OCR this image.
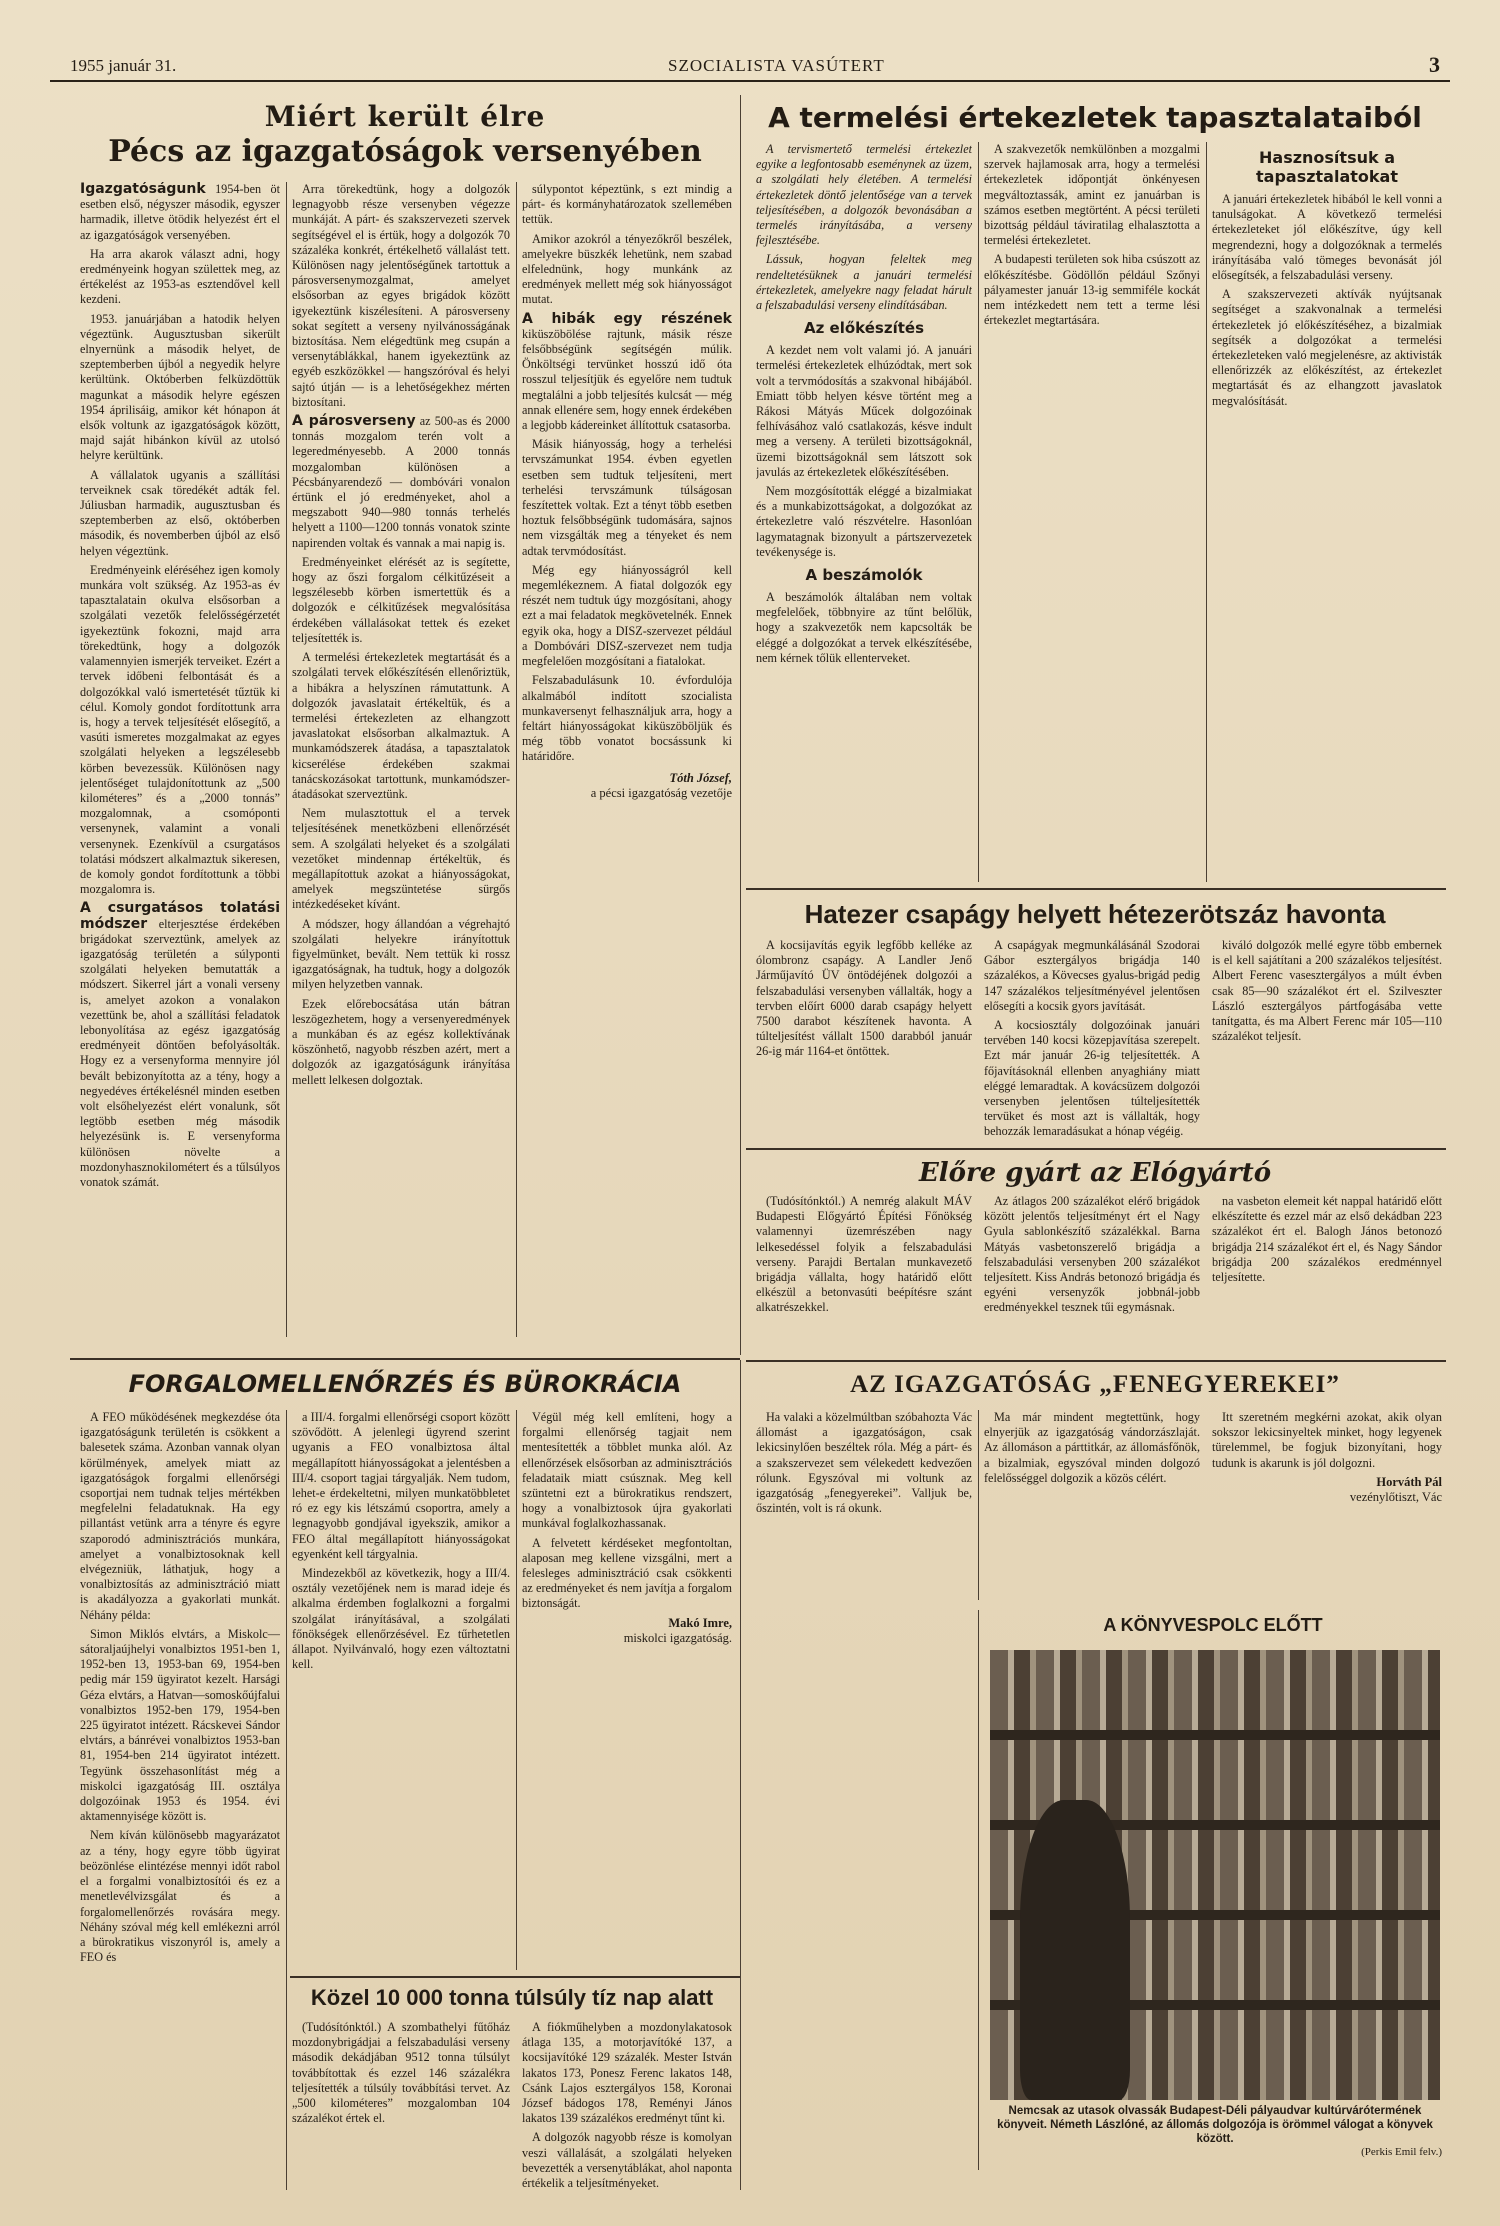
1955 január 31.	SZOCIALISTA VASÚTERT	3
Miért került élre
Pécs az igazgatóságok versenyében

Igazgatóságunk 1954-ben öt esetben első, négyszer második, egyszer harmadik, illetve ötödik helyezést ért el az igazgatóságok versenyében.

Ha arra akarok választ adni, hogy eredményeink hogyan születtek meg, az értékelést az 1953-as esztendővel kell kezdeni.

1953. januárjában a hatodik helyen végeztünk. Augusztusban sikerült elnyernünk a második helyet, de szeptemberben újból a negyedik helyre kerültünk. Októberben felküzdöttük magunkat a második helyre egészen 1954 áprilisáig, amikor két hónapon át elsők voltunk az igazgatóságok között, majd saját hibánkon kívül az utolsó helyre kerültünk.

A vállalatok ugyanis a szállítási terveiknek csak töredékét adták fel. Júliusban harmadik, augusztusban és szeptemberben az első, októberben második, és novemberben újból az első helyen végeztünk.

Eredményeink eléréséhez igen komoly munkára volt szükség. Az 1953-as év tapasztalatain okulva elsősorban a szolgálati vezetők felelősségérzetét igyekeztünk fokozni, majd arra törekedtünk, hogy a dolgozók valamennyien ismerjék terveiket. Ezért a tervek időbeni felbontását és a dolgozókkal való ismertetését tűztük ki célul. Komoly gondot fordítottunk arra is, hogy a tervek teljesítését elősegítő, a vasúti ismeretes mozgalmakat az egyes szolgálati helyeken a legszélesebb körben bevezessük. Különösen nagy jelentőséget tulajdonítottunk az „500 kilométeres” és a „2000 tonnás” mozgalomnak, a csomóponti versenynek, valamint a vonali versenynek. Ezenkívül a csurgatásos tolatási módszert alkalmaztuk sikeresen, de komoly gondot fordítottunk a többi mozgalomra is.

A csurgatásos tolatási módszer elterjesztése érdekében brigádokat szerveztünk, amelyek az igazgatóság területén a súlyponti szolgálati helyeken bemutatták a módszert. Sikerrel járt a vonali verseny is, amelyet azokon a vonalakon vezettünk be, ahol a szállítási feladatok lebonyolítása az egész igazgatóság eredményeit döntően befolyásolták. Hogy ez a versenyforma mennyire jól bevált bebizonyította az a tény, hogy a negyedéves értékelésnél minden esetben volt elsőhelyezést elért vonalunk, sőt legtöbb esetben még második helyezésünk is. E versenyforma különösen növelte a mozdonyhasznokilométert és a tűlsúlyos vonatok számát.

Arra törekedtünk, hogy a dolgozók legnagyobb része versenyben végezze munkáját. A párt- és szakszervezeti szervek segítségével el is értük, hogy a dolgozók 70 százaléka konkrét, értékelhető vállalást tett. Különösen nagy jelentőségűnek tartottuk a párosversenymozgalmat, amelyet elsősorban az egyes brigádok között igyekeztünk kiszélesíteni. A párosverseny sokat segített a verseny nyilvánosságának biztosítása. Nem elégedtünk meg csupán a versenytáblákkal, hanem igyekeztünk az egyéb eszközökkel — hangszóróval és helyi sajtó útján — is a lehetőségekhez mérten biztosítani.

A párosverseny az 500-as és 2000 tonnás mozgalom terén volt a legeredményesebb. A 2000 tonnás mozgalomban különösen a Pécsbányarendező — dombóvári vonalon értünk el jó eredményeket, ahol a megszabott 940—980 tonnás terhelés helyett a 1100—1200 tonnás vonatok szinte napirenden voltak és vannak a mai napig is.

Eredményeinket elérését az is segítette, hogy az őszi forgalom célkitűzéseit a legszélesebb körben ismertettük és a dolgozók e célkitűzések megvalósítása érdekében vállalásokat tettek és ezeket teljesítették is.

A termelési értekezletek megtartását és a szolgálati tervek előkészítésén ellenőriztük, a hibákra a helyszínen rámutattunk. A dolgozók javaslatait értékeltük, és a termelési értekezleten az elhangzott javaslatokat elsősorban alkalmaztuk. A munkamódszerek átadása, a tapasztalatok kicserélése érdekében szakmai tanácskozásokat tartottunk, munkamódszer-átadásokat szerveztünk.

Nem mulasztottuk el a tervek teljesítésének menetközbeni ellenőrzését sem. A szolgálati helyeket és a szolgálati vezetőket mindennap értékeltük, és megállapítottuk azokat a hiányosságokat, amelyek megszüntetése sürgős intézkedéseket kívánt.

A módszer, hogy állandóan a végrehajtó szolgálati helyekre irányítottuk figyelmünket, bevált. Nem tettük ki rossz igazgatóságnak, ha tudtuk, hogy a dolgozók milyen helyzetben vannak.

Ezek előrebocsátása után bátran leszögezhetem, hogy a versenyeredmények a munkában és az egész kollektívának köszönhető, nagyobb részben azért, mert a dolgozók az igazgatóságunk irányítása mellett lelkesen dolgoztak.

súlypontot képeztünk, s ezt mindig a párt- és kormányhatározatok szellemében tettük.

Amikor azokról a tényezőkről beszélek, amelyekre büszkék lehetünk, nem szabad elfelednünk, hogy munkánk az eredmények mellett még sok hiányosságot mutat.

A hibák egy részének kiküszöbölése rajtunk, másik része felsőbbségünk segítségén múlik. Önköltségi tervünket hosszú idő óta rosszul teljesítjük és egyelőre nem tudtuk megtalálni a jobb teljesítés kulcsát — még annak ellenére sem, hogy ennek érdekében a legjobb kádereinket állítottuk csatasorba.

Másik hiányosság, hogy a terhelési tervszámunkat 1954. évben egyetlen esetben sem tudtuk teljesíteni, mert terhelési tervszámunk túlságosan feszítettek voltak. Ezt a tényt több esetben hoztuk felsőbbségünk tudomására, sajnos nem vizsgálták meg a tényeket és nem adtak tervmódosítást.

Még egy hiányosságról kell megemlékeznem. A fiatal dolgozók egy részét nem tudtuk úgy mozgósítani, ahogy ezt a mai feladatok megkövetelnék. Ennek egyik oka, hogy a DISZ-szervezet például a Dombóvári DISZ-szervezet nem tudja megfelelően mozgósítani a fiatalokat.

Felszabadulásunk 10. évfordulója alkalmából indított szocialista munkaversenyt felhasználjuk arra, hogy a feltárt hiányosságokat kiküszöböljük és még több vonatot bocsássunk ki határidőre.

Tóth József,
a pécsi igazgatóság vezetője
A termelési értekezletek tapasztalataiból

A tervismertető termelési értekezlet egyike a legfontosabb eseménynek az üzem, a szolgálati hely életében. A termelési értekezletek döntő jelentősége van a tervek teljesítésében, a dolgozók bevonásában a termelés irányításába, a verseny fejlesztésébe.

Lássuk, hogyan feleltek meg rendeltetésüknek a januári termelési értekezletek, amelyekre nagy feladat hárult a felszabadulási verseny elindításában.

Az előkészítés

A kezdet nem volt valami jó. A januári termelési értekezletek elhúzódtak, mert sok volt a tervmódosítás a szakvonal hibájából. Emiatt több helyen késve történt meg a Rákosi Mátyás Műcek dolgozóinak felhívásához való csatlakozás, késve indult meg a verseny. A területi bizottságoknál, üzemi bizottságoknál sem látszott sok javulás az értekezletek előkészítésében.

Nem mozgósították eléggé a bizalmiakat és a munkabizottságokat, a dolgozókat az értekezletre való részvételre. Hasonlóan lagymatagnak bizonyult a pártszervezetek tevékenysége is.

A beszámolók

A beszámolók általában nem voltak megfelelőek, többnyire az tűnt belőlük, hogy a szakvezetők nem kapcsolták be eléggé a dolgozókat a tervek elkészítésébe, nem kérnek tőlük ellenterveket.

A szakvezetők nemkülönben a mozgalmi szervek hajlamosak arra, hogy a termelési értekezletek időpontját önkényesen megváltoztassák, amint ez januárban is számos esetben megtörtént. A pécsi területi bizottság például táviratilag elhalasztotta a termelési értekezletet.

A budapesti területen sok hiba csúszott az előkészítésbe. Gödöllőn például Szőnyi pályamester január 13-ig semmiféle kockát nem intézkedett nem tett a terme lési értekezlet megtartására.

Hasznosítsuk a tapasztalatokat

A januári értekezletek hibából le kell vonni a tanulságokat. A következő termelési értekezleteket jól előkészítve, úgy kell megrendezni, hogy a dolgozóknak a termelés irányításába való tömeges bevonását jól elősegítsék, a felszabadulási verseny.

A szakszervezeti aktívák nyújtsanak segítséget a szakvonalnak a termelési értekezletek jó előkészítéséhez, a bizalmiak segítsék a dolgozókat a termelési értekezleteken való megjelenésre, az aktivisták ellenőrizzék az előkészítést, az értekezlet megtartását és az elhangzott javaslatok megvalósítását.

Hatezer csapágy helyett hétezerötszáz havonta

A kocsijavítás egyik legfőbb kelléke az ólombronz csapágy. A Landler Jenő Járműjavító ÜV öntödéjének dolgozói a felszabadulási versenyben vállalták, hogy a tervben előírt 6000 darab csapágy helyett 7500 darabot készítenek havonta. A túlteljesítést vállalt 1500 darabból január 26-ig már 1164-et öntöttek.

A csapágyak megmunkálásánál Szodorai Gábor esztergályos brigádja 140 százalékos, a Kövecses gyalus-brigád pedig 147 százalékos teljesítményével jelentősen elősegíti a kocsik gyors javítását.

A kocsiosztály dolgozóinak januári tervében 140 kocsi közepjavítása szerepelt. Ezt már január 26-ig teljesítették. A főjavításoknál ellenben anyaghiány miatt eléggé lemaradtak. A kovácsüzem dolgozói versenyben jelentősen túlteljesítették tervüket és most azt is vállalták, hogy behozzák lemaradásukat a hónap végéig.

kiváló dolgozók mellé egyre több embernek is el kell sajátítani a 200 százalékos teljesítést. Albert Ferenc vasesztergályos a múlt évben csak 85—90 százalékot ért el. Szilveszter László esztergályos pártfogásába vette tanítgatta, és ma Albert Ferenc már 105—110 százalékot teljesít.

Előre gyárt az Elógyártó

(Tudósítónktól.) A nemrég alakult MÁV Budapesti Előgyártó Építési Főnökség valamennyi üzemrészében nagy lelkesedéssel folyik a felszabadulási verseny. Parajdi Bertalan munkavezető brigádja vállalta, hogy határidő előtt elkészül a betonvasúti beépítésre szánt alkatrészekkel.

Az átlagos 200 százalékot elérő brigádok között jelentős teljesítményt ért el Nagy Gyula sablonkészítő százalékkal. Barna Mátyás vasbetonszerelő brigádja a felszabadulási versenyben 200 százalékot teljesített. Kiss András betonozó brigádja és egyéni versenyzők jobbnál-jobb eredményekkel tesznek tűi egymásnak.

na vasbeton elemeit két nappal határidő előtt elkészítette és ezzel már az első dekádban 223 százalékot ért el. Balogh János betonozó brigádja 214 százalékot ért el, és Nagy Sándor brigádja 200 százalékos eredménnyel teljesítette.

AZ IGAZGATÓSÁG „FENEGYEREKEI”

Ha valaki a közelmúltban szóbahozta Vác állomást a igazgatóságon, csak lekicsinylően beszéltek róla. Még a párt- és a szakszervezet sem vélekedett kedvezően rólunk. Egyszóval mi voltunk az igazgatóság „fenegyerekei”. Valljuk be, őszintén, volt is rá okunk.

Ma már mindent megtettünk, hogy elnyerjük az igazgatóság vándorzászlaját. Az állomáson a párttitkár, az állomásfőnök, a bizalmiak, egyszóval minden dolgozó felelősséggel dolgozik a közös célért.

Itt szeretném megkérni azokat, akik olyan sokszor lekicsinyeltek minket, hogy legyenek türelemmel, be fogjuk bizonyítani, hogy tudunk is akarunk is jól dolgozni.

Horváth Pál
vezénylőtiszt, Vác
A KÖNYVESPOLC ELŐTT
Nemcsak az utasok olvassák Budapest-Déli pályaudvar kultúrvárótermének könyveit. Németh Lászlóné, az állomás dolgozója is örömmel válogat a könyvek között.
(Perkis Emil felv.)
FORGALOMELLENŐRZÉS ÉS BÜROKRÁCIA

A FEO működésének megkezdése óta igazgatóságunk területén is csökkent a balesetek száma. Azonban vannak olyan körülmények, amelyek miatt az igazgatóságok forgalmi ellenőrségi csoportjai nem tudnak teljes mértékben megfelelni feladatuknak. Ha egy pillantást vetünk arra a tényre és egyre szaporodó adminisztrációs munkára, amelyet a vonalbiztosoknak kell elvégezniük, láthatjuk, hogy a vonalbiztosítás az adminisztráció miatt is akadályozza a gyakorlati munkát. Néhány példa:

Simon Miklós elvtárs, a Miskolc—sátoraljaújhelyi vonalbiztos 1951-ben 1, 1952-ben 13, 1953-ban 69, 1954-ben pedig már 159 ügyiratot kezelt. Harsági Géza elvtárs, a Hatvan—somoskőújfalui vonalbiztos 1952-ben 179, 1954-ben 225 ügyiratot intézett. Rácskevei Sándor elvtárs, a bánrévei vonalbiztos 1953-ban 81, 1954-ben 214 ügyiratot intézett. Tegyünk összehasonlítást még a miskolci igazgatóság III. osztálya dolgozóinak 1953 és 1954. évi aktamennyisége között is.

Nem kíván különösebb magyarázatot az a tény, hogy egyre több ügyirat beözönlése elintézése mennyi időt rabol el a forgalmi vonalbiztosítói és ez a menetlevélvizsgálat és a forgalomellenőrzés rovására megy. Néhány szóval még kell emlékezni arról a bürokratikus viszonyról is, amely a FEO és

a III/4. forgalmi ellenőrségi csoport között szövődött. A jelenlegi ügyrend szerint ugyanis a FEO vonalbiztosa által megállapított hiányosságokat a jelentésben a III/4. csoport tagjai tárgyalják. Nem tudom, lehet-e érdekeltetni, milyen munkatöbbletet ró ez egy kis létszámú csoportra, amely a legnagyobb gondjával igyekszik, amikor a FEO által megállapított hiányosságokat egyenként kell tárgyalnia.

Mindezekből az következik, hogy a III/4. osztály vezetőjének nem is marad ideje és alkalma érdemben foglalkozni a forgalmi szolgálat irányításával, a szolgálati főnökségek ellenőrzésével. Ez tűrhetetlen állapot. Nyilvánvaló, hogy ezen változtatni kell.

Végül még kell említeni, hogy a forgalmi ellenőrség tagjait nem mentesítették a többlet munka alól. Az ellenőrzések elsősorban az adminisztrációs feladataik miatt csúsznak. Meg kell szüntetni ezt a bürokratikus rendszert, hogy a vonalbiztosok újra gyakorlati munkával foglalkozhassanak.

A felvetett kérdéseket megfontoltan, alaposan meg kellene vizsgálni, mert a felesleges adminisztráció csak csökkenti az eredményeket és nem javítja a forgalom biztonságát.

Makó Imre,
miskolci igazgatóság.
Közel 10 000 tonna túlsúly tíz nap alatt

(Tudósítónktól.) A szombathelyi fűtőház mozdonybrigádjai a felszabadulási verseny második dekádjában 9512 tonna túlsúlyt továbbítottak és ezzel 146 százalékra teljesítették a túlsúly továbbítási tervet. Az „500 kilométeres” mozgalomban 104 százalékot értek el.

A fiókműhelyben a mozdonylakatosok átlaga 135, a motorjavítóké 137, a kocsijavítóké 129 százalék. Mester István lakatos 173, Ponesz Ferenc lakatos 148, Csánk Lajos esztergályos 158, Koronai József bádogos 178, Reményi János lakatos 139 százalékos eredményt tűnt ki.

A dolgozók nagyobb része is komolyan veszi vállalását, a szolgálati helyeken bevezették a versenytáblákat, ahol naponta értékelik a teljesítményeket.
